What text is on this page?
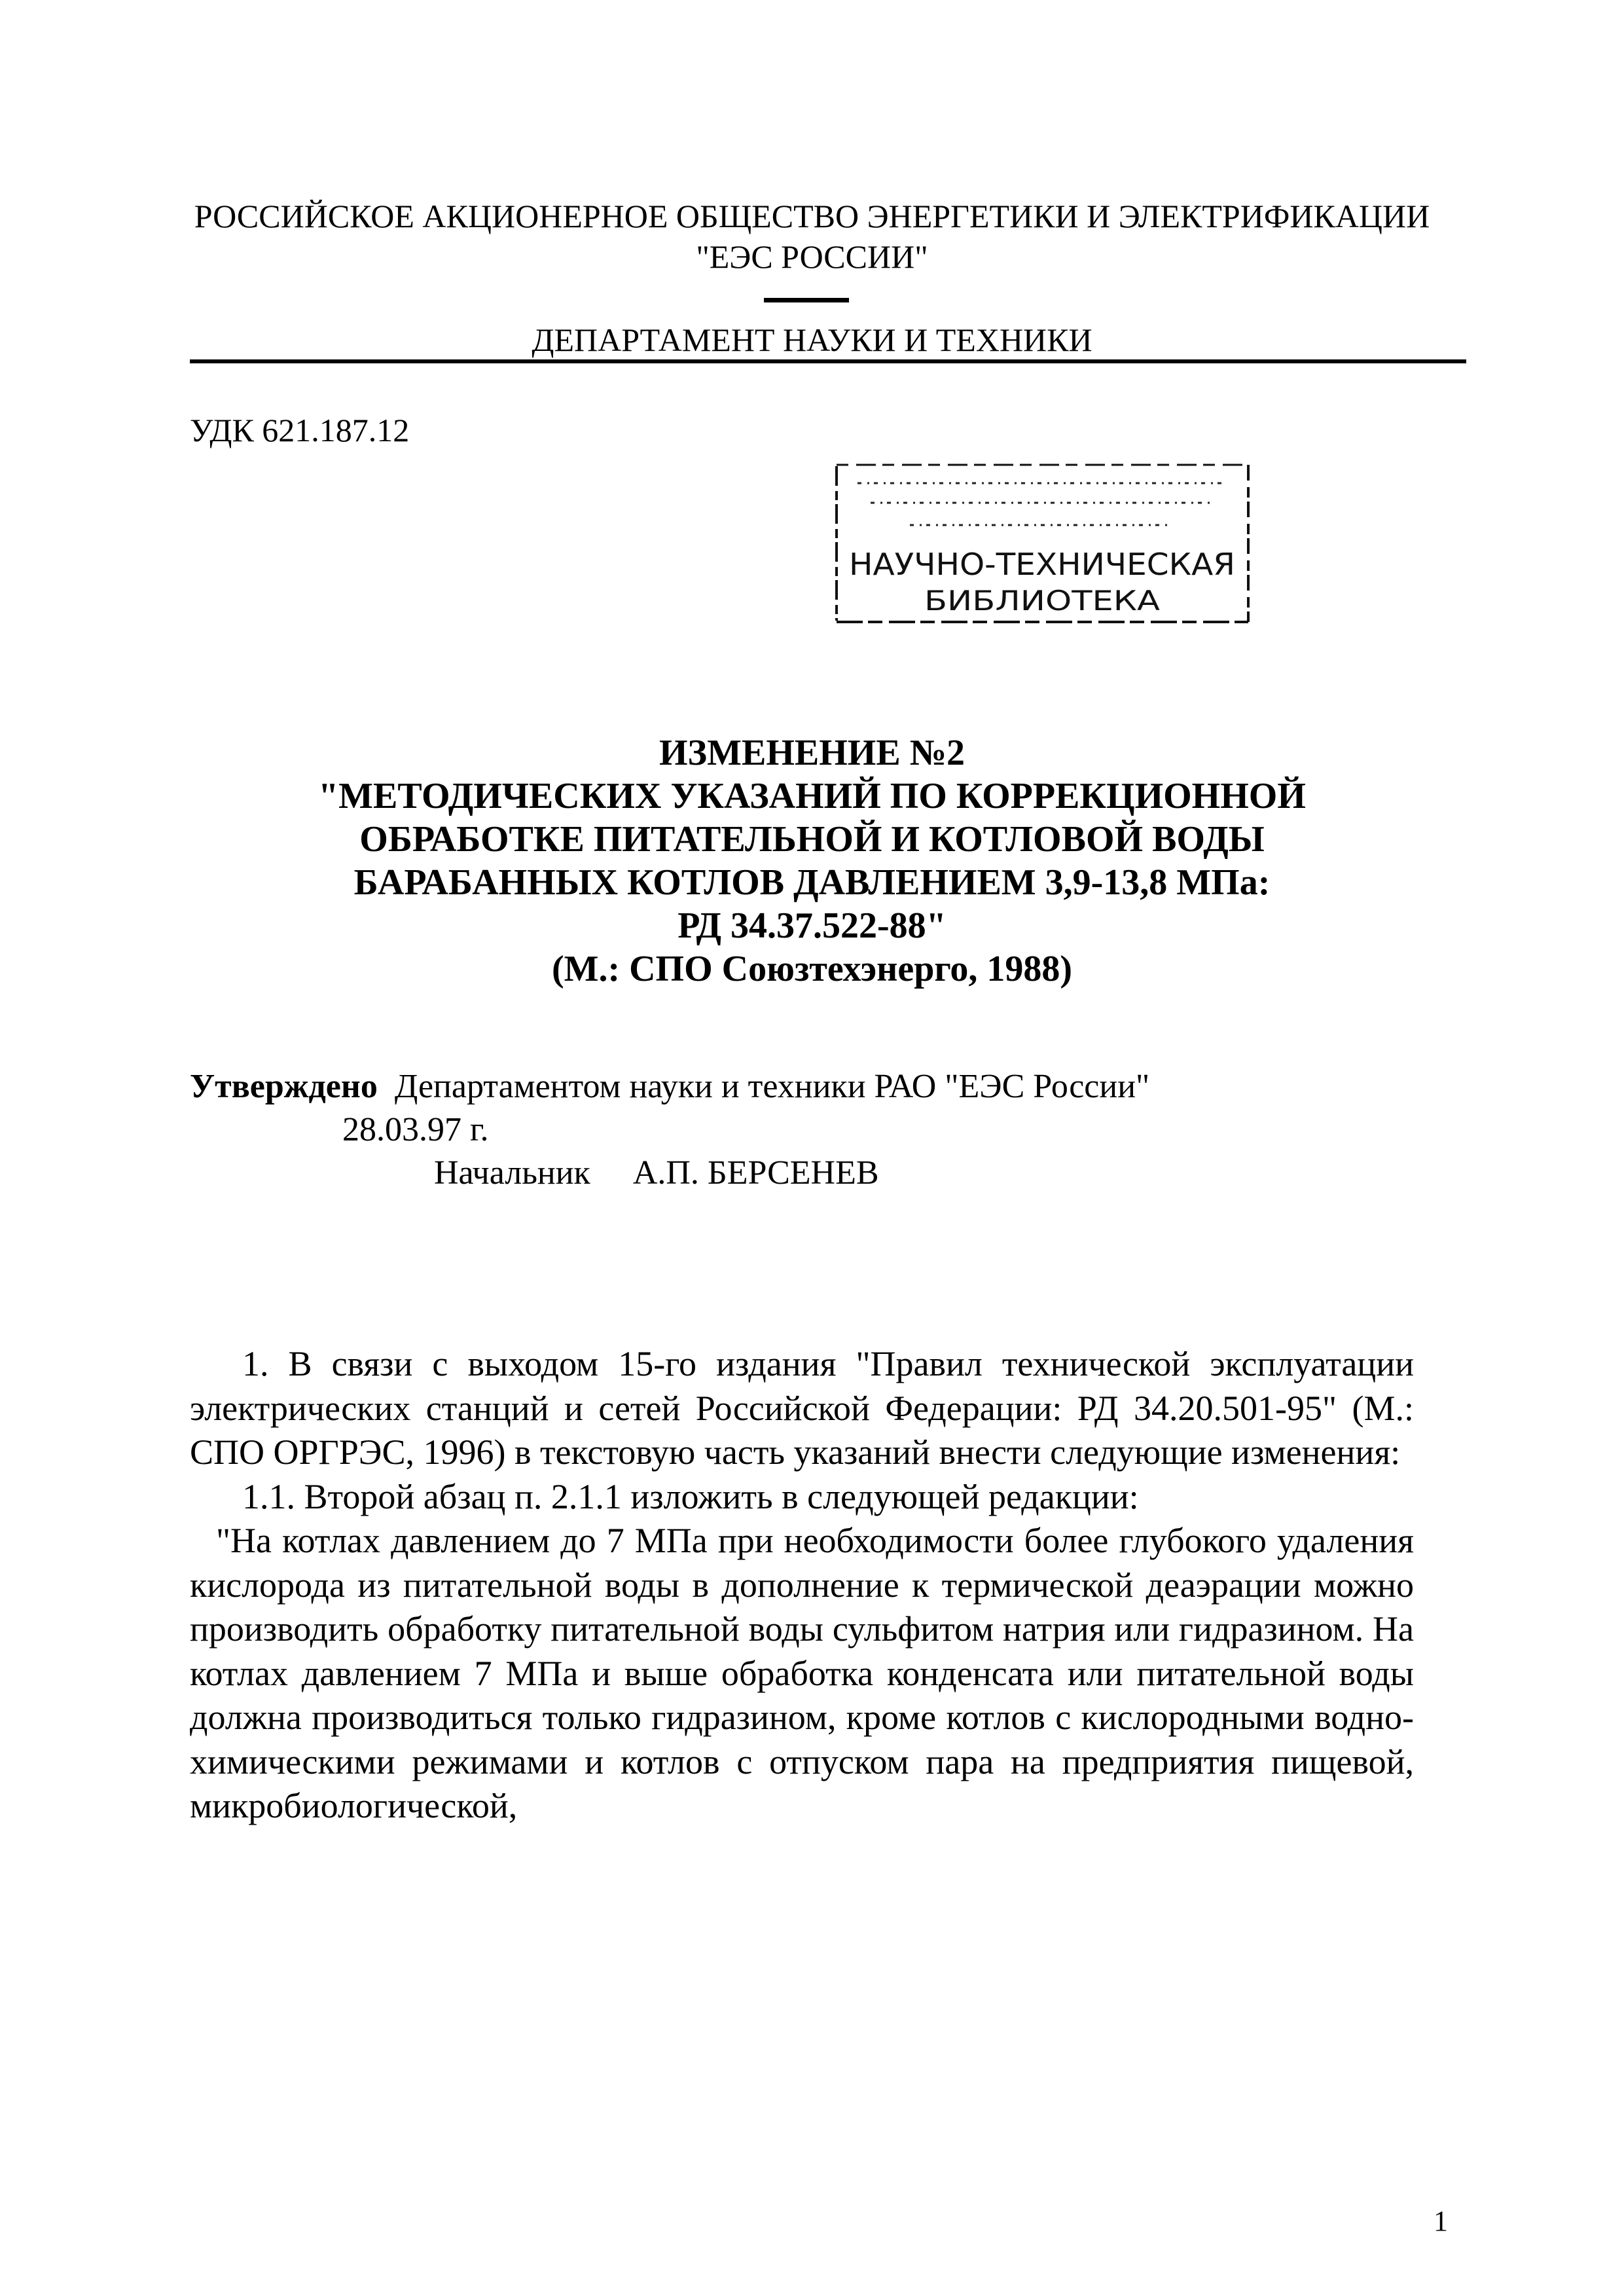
РОССИЙСКОЕ АКЦИОНЕРНОЕ ОБЩЕСТВО ЭНЕРГЕТИКИ И ЭЛЕКТРИФИКАЦИИ
"ЕЭС РОССИИ"
ДЕПАРТАМЕНТ НАУКИ И ТЕХНИКИ
УДК 621.187.12
НАУЧНО-ТЕХНИЧЕСКАЯ
БИБЛИОТЕКА
ИЗМЕНЕНИЕ №2
"МЕТОДИЧЕСКИХ УКАЗАНИЙ ПО КОРРЕКЦИОННОЙ
ОБРАБОТКЕ ПИТАТЕЛЬНОЙ И КОТЛОВОЙ ВОДЫ
БАРАБАННЫХ КОТЛОВ ДАВЛЕНИЕМ 3,9-13,8 МПа:
РД 34.37.522-88"
(М.: СПО Союзтехэнерго, 1988)
Утверждено Департаментом науки и техники РАО "ЕЭС России"
28.03.97 г.
Начальник А.П. БЕРСЕНЕВ

1. В связи с выходом 15-го издания "Правил технической эксплуатации электрических станций и сетей Российской Федерации: РД 34.20.501-95" (М.: СПО ОРГРЭС, 1996) в текстовую часть указаний внести следующие изменения:

1.1. Второй абзац п. 2.1.1 изложить в следующей редакции:

"На котлах давлением до 7 МПа при необходимости более глубокого удаления кислорода из питательной воды в дополнение к термической деаэрации можно производить обработку питательной воды сульфитом натрия или гидразином. На котлах давлением 7 МПа и выше обработка конденсата или питательной воды должна производиться только гидразином, кроме котлов с кислородными водно-химическими режимами и котлов с отпуском пара на предприятия пищевой, микробиологической,

1
